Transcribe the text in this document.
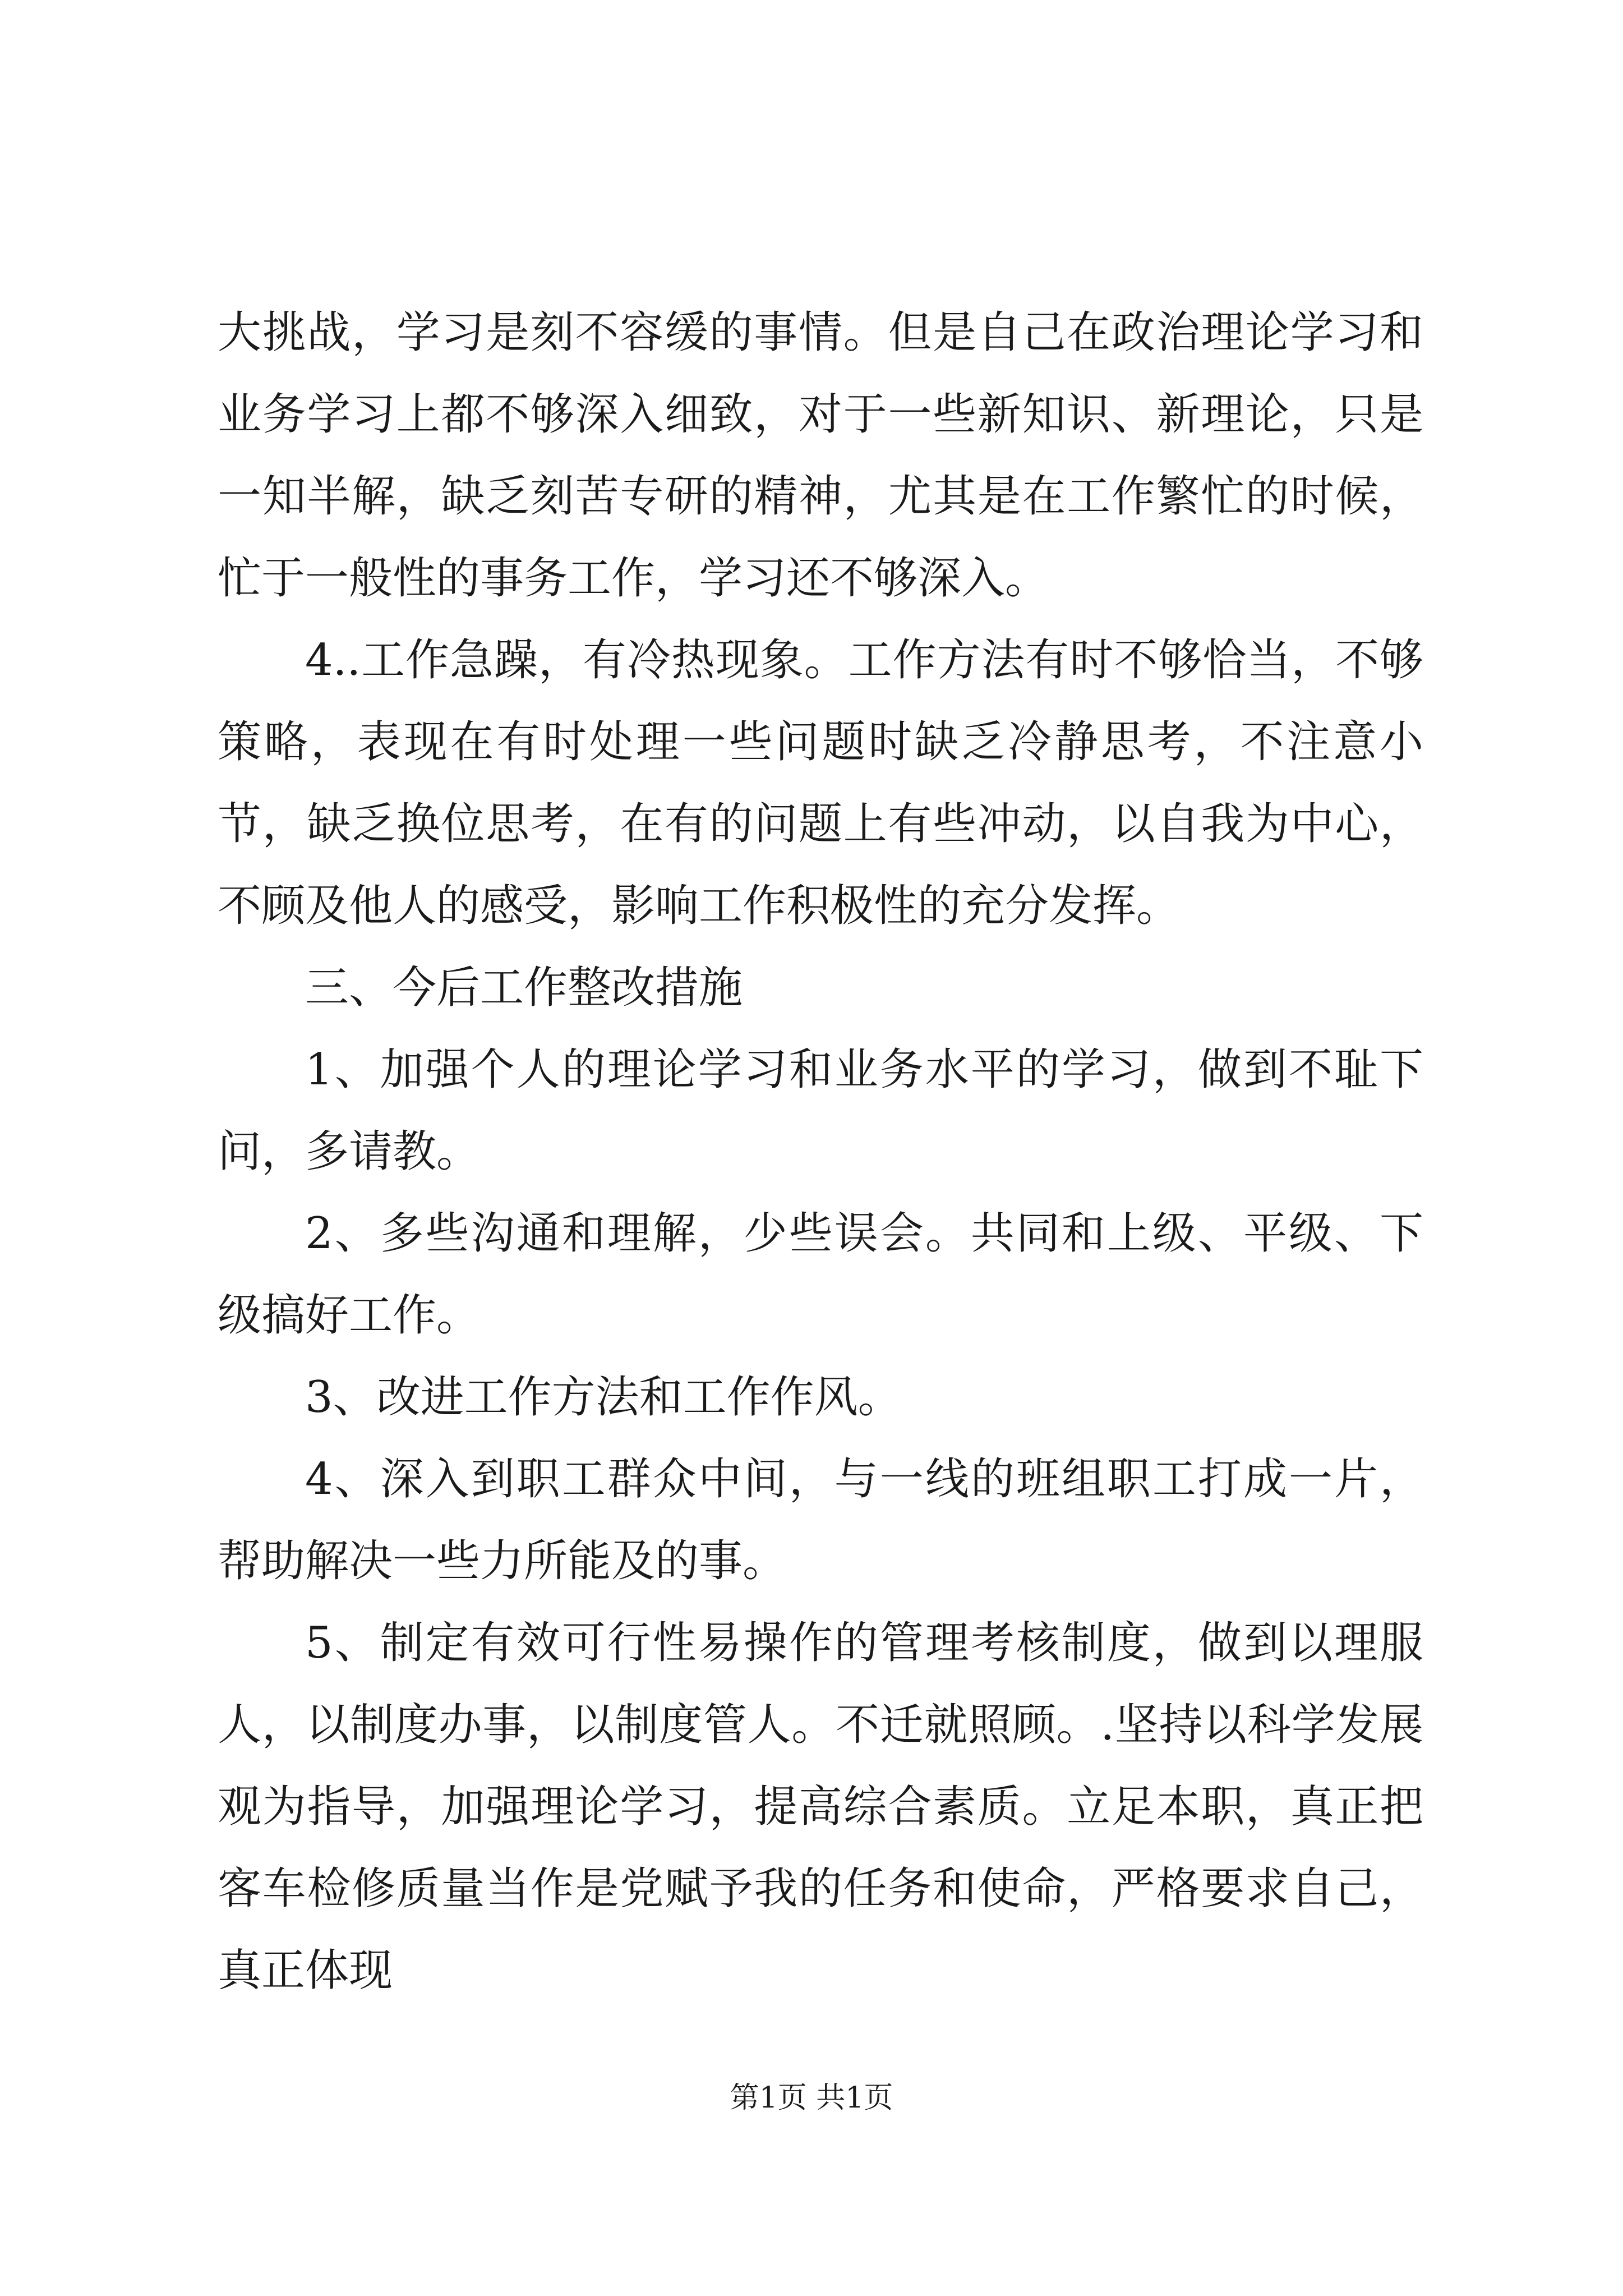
大挑战，学习是刻不容缓的事情。但是自己在政治理论学习和业务学习上都不够深入细致，对于一些新知识、新理论，只是一知半解，缺乏刻苦专研的精神，尤其是在工作繁忙的时候，忙于一般性的事务工作，学习还不够深入。

4..工作急躁，有冷热现象。工作方法有时不够恰当，不够策略，表现在有时处理一些问题时缺乏冷静思考，不注意小节，缺乏换位思考，在有的问题上有些冲动，以自我为中心，不顾及他人的感受，影响工作积极性的充分发挥。

三、今后工作整改措施

1、加强个人的理论学习和业务水平的学习，做到不耻下问，多请教。

2、多些沟通和理解，少些误会。共同和上级、平级、下级搞好工作。

3、改进工作方法和工作作风。

4、深入到职工群众中间，与一线的班组职工打成一片，帮助解决一些力所能及的事。

5、制定有效可行性易操作的管理考核制度，做到以理服人，以制度办事，以制度管人。不迁就照顾。.坚持以科学发展观为指导，加强理论学习，提高综合素质。立足本职，真正把客车检修质量当作是党赋予我的任务和使命，严格要求自己，真正体现

第1页 共1页
